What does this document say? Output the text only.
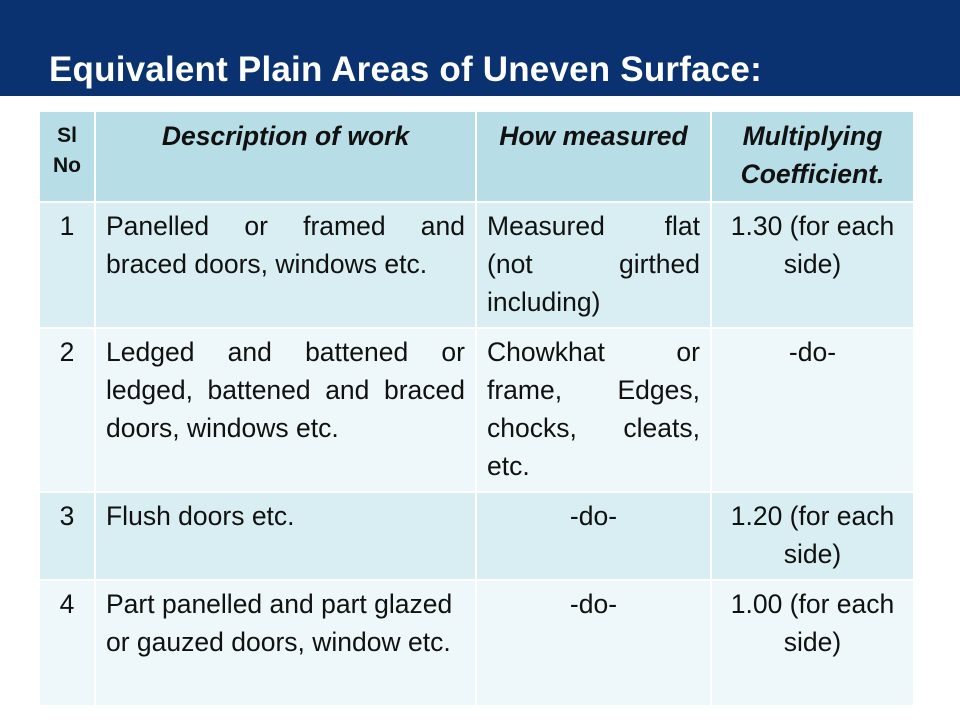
Equivalent Plain Areas of Uneven Surface:
Sl No	Description of work	How measured	Multiplying Coefficient.
1	Panelled or framed and braced doors, windows etc.	Measured flat (not girthed including)	1.30 (for each side)
2	Ledged and battened or ledged, battened and braced doors, windows etc.	Chowkhat or frame, Edges, chocks, cleats, etc.	-do-
3	Flush doors etc.	-do-	1.20 (for each side)
4	Part panelled and part glazed or gauzed doors, window etc.	-do-	1.00 (for each side)
